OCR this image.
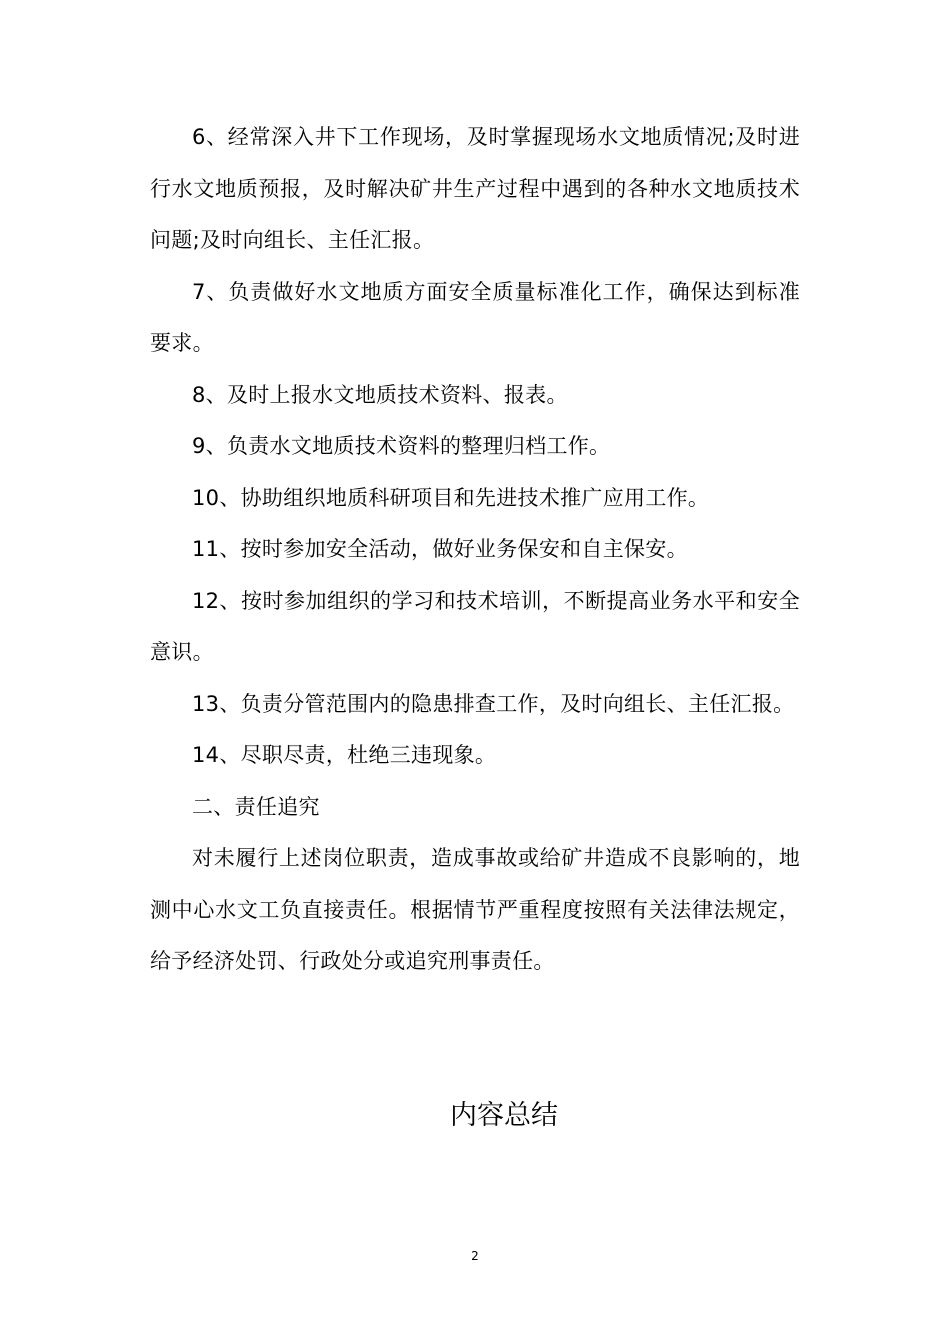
6、经常深入井下工作现场，及时掌握现场水文地质情况;及时进行水文地质预报，及时解决矿井生产过程中遇到的各种水文地质技术问题;及时向组长、主任汇报。

7、负责做好水文地质方面安全质量标准化工作，确保达到标准要求。

8、及时上报水文地质技术资料、报表。

9、负责水文地质技术资料的整理归档工作。

10、协助组织地质科研项目和先进技术推广应用工作。

11、按时参加安全活动，做好业务保安和自主保安。

12、按时参加组织的学习和技术培训，不断提高业务水平和安全意识。

13、负责分管范围内的隐患排查工作，及时向组长、主任汇报。

14、尽职尽责，杜绝三违现象。

二、责任追究

对未履行上述岗位职责，造成事故或给矿井造成不良影响的，地测中心水文工负直接责任。根据情节严重程度按照有关法律法规定，给予经济处罚、行政处分或追究刑事责任。

内容总结
2
